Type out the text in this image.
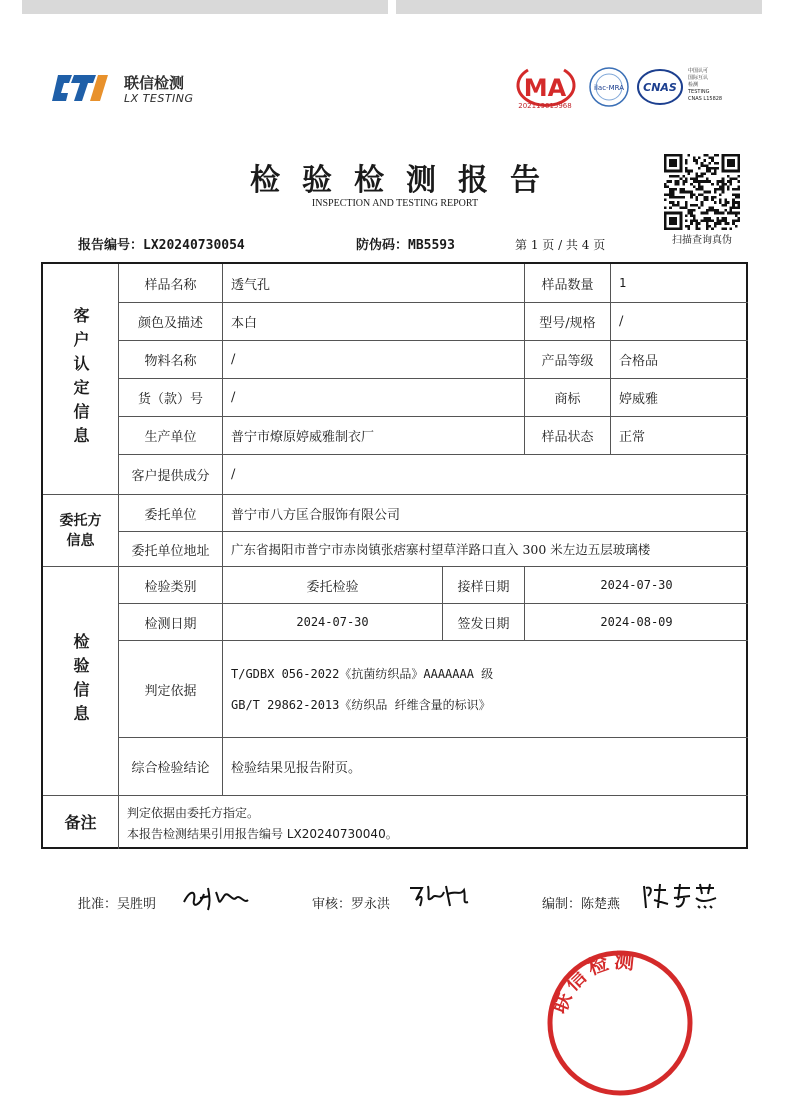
联信检测
LX TESTING	MA
202119015968
ilac-MRA CNAS
中国认可
国际互认
检测
TESTING
CNAS L15828
检验检测报告
INSPECTION AND TESTING REPORT
扫描查询真伪
报告编号：LX20240730054	防伪码：MB5593	第 1 页 / 共 4 页
客户认定信息
委托方信息
检验信息
备注
样品名称	透气孔	样品数量	1
颜色及描述	本白	型号/规格	/
物料名称	/	产品等级	合格品
货（款）号	/	商标	婷威雅
生产单位	普宁市燎原婷威雅制衣厂	样品状态	正常
客户提供成分	/
委托单位	普宁市八方匡合服饰有限公司
委托单位地址	广东省揭阳市普宁市赤岗镇张痞寨村望草洋路口直入 300 米左边五层玻璃楼
检验类别	委托检验	接样日期	2024-07-30
检测日期	2024-07-30	签发日期	2024-08-09
判定依据
T/GDBX 056-2022《抗菌纺织品》AAAAAAA 级
GB/T 29862-2013《纺织品 纤维含量的标识》
综合检验结论	检验结果见报告附页。
判定依据由委托方指定。
本报告检测结果引用报告编号 LX20240730040。
批准：吴胜明	审核：罗永洪	编制：陈楚燕
联信检测
